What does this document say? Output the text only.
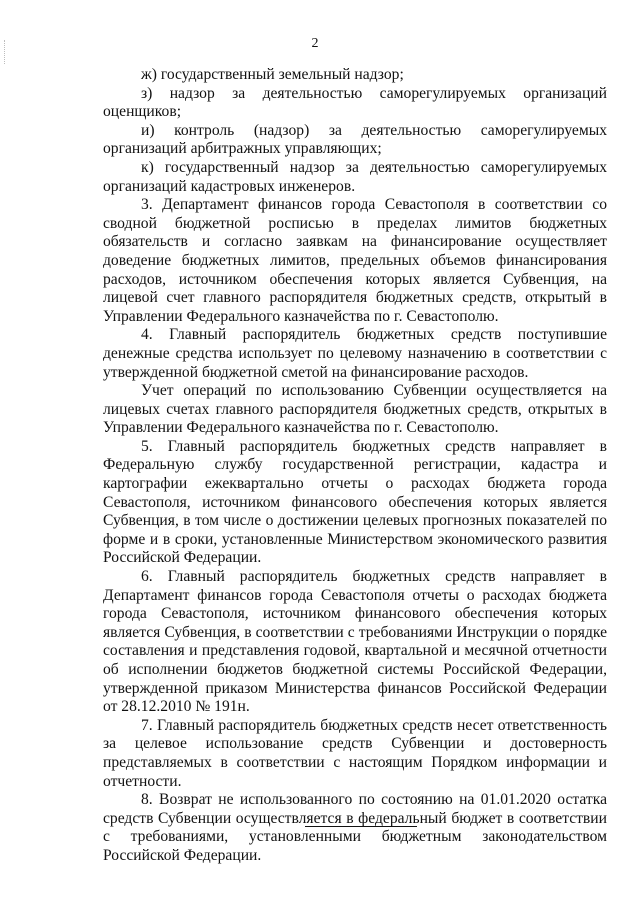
2

ж) государственный земельный надзор;

з) надзор за деятельностью саморегулируемых организаций оценщиков;

и) контроль (надзор) за деятельностью саморегулируемых организаций арбитражных управляющих;

к) государственный надзор за деятельностью саморегулируемых организаций кадастровых инженеров.

3. Департамент финансов города Севастополя в соответствии со сводной бюджетной росписью в пределах лимитов бюджетных обязательств и согласно заявкам на финансирование осуществляет доведение бюджетных лимитов, предельных объемов финансирования расходов, источником обеспечения которых является Субвенция, на лицевой счет главного распорядителя бюджетных средств, открытый в Управлении Федерального казначейства по г. Севастополю.

4. Главный распорядитель бюджетных средств поступившие денежные средства использует по целевому назначению в соответствии с утвержденной бюджетной сметой на финансирование расходов.

Учет операций по использованию Субвенции осуществляется на лицевых счетах главного распорядителя бюджетных средств, открытых в Управлении Федерального казначейства по г. Севастополю.

5. Главный распорядитель бюджетных средств направляет в Федеральную службу государственной регистрации, кадастра и картографии ежеквартально отчеты о расходах бюджета города Севастополя, источником финансового обеспечения которых является Субвенция, в том числе о достижении целевых прогнозных показателей по форме и в сроки, установленные Министерством экономического развития Российской Федерации.

6. Главный распорядитель бюджетных средств направляет в Департамент финансов города Севастополя отчеты о расходах бюджета города Севастополя, источником финансового обеспечения которых является Субвенция, в соответствии с требованиями Инструкции о порядке составления и представления годовой, квартальной и месячной отчетности об исполнении бюджетов бюджетной системы Российской Федерации, утвержденной приказом Министерства финансов Российской Федерации от 28.12.2010 № 191н.

7. Главный распорядитель бюджетных средств несет ответственность за целевое использование средств Субвенции и достоверность представляемых в соответствии с настоящим Порядком информации и отчетности.

8. Возврат не использованного по состоянию на 01.01.2020 остатка средств Субвенции осуществляется в федеральный бюджет в соответствии с требованиями, установленными бюджетным законодательством Российской Федерации.
